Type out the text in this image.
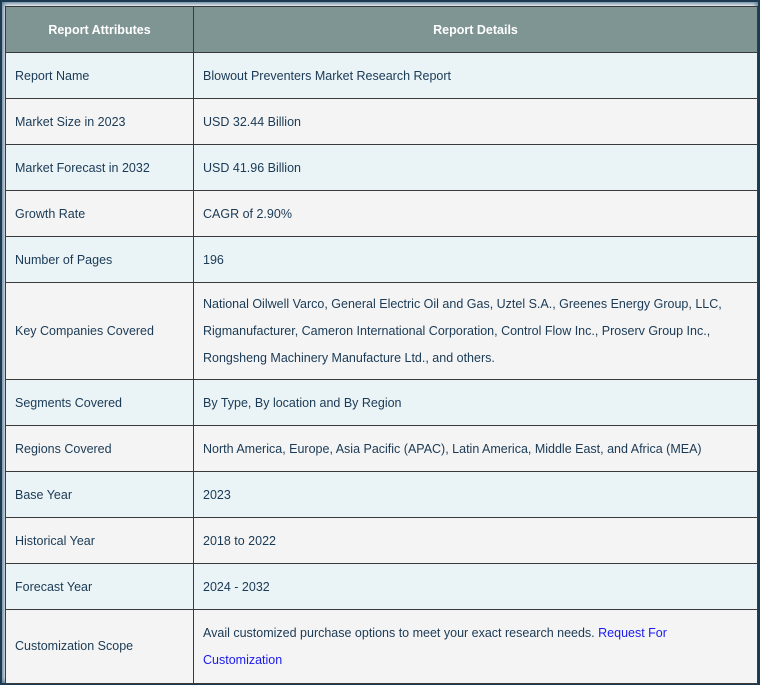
Report Attributes	Report Details
Report Name	Blowout Preventers Market Research Report
Market Size in 2023	USD 32.44 Billion
Market Forecast in 2032	USD 41.96 Billion
Growth Rate	CAGR of 2.90%
Number of Pages	196
Key Companies Covered	National Oilwell Varco, General Electric Oil and Gas, Uztel S.A., Greenes Energy Group, LLC, Rigmanufacturer, Cameron International Corporation, Control Flow Inc., Proserv Group Inc., Rongsheng Machinery Manufacture Ltd., and others.
Segments Covered	By Type, By location and By Region
Regions Covered	North America, Europe, Asia Pacific (APAC), Latin America, Middle East, and Africa (MEA)
Base Year	2023
Historical Year	2018 to 2022
Forecast Year	2024 - 2032
Customization Scope	Avail customized purchase options to meet your exact research needs. Request For Customization
